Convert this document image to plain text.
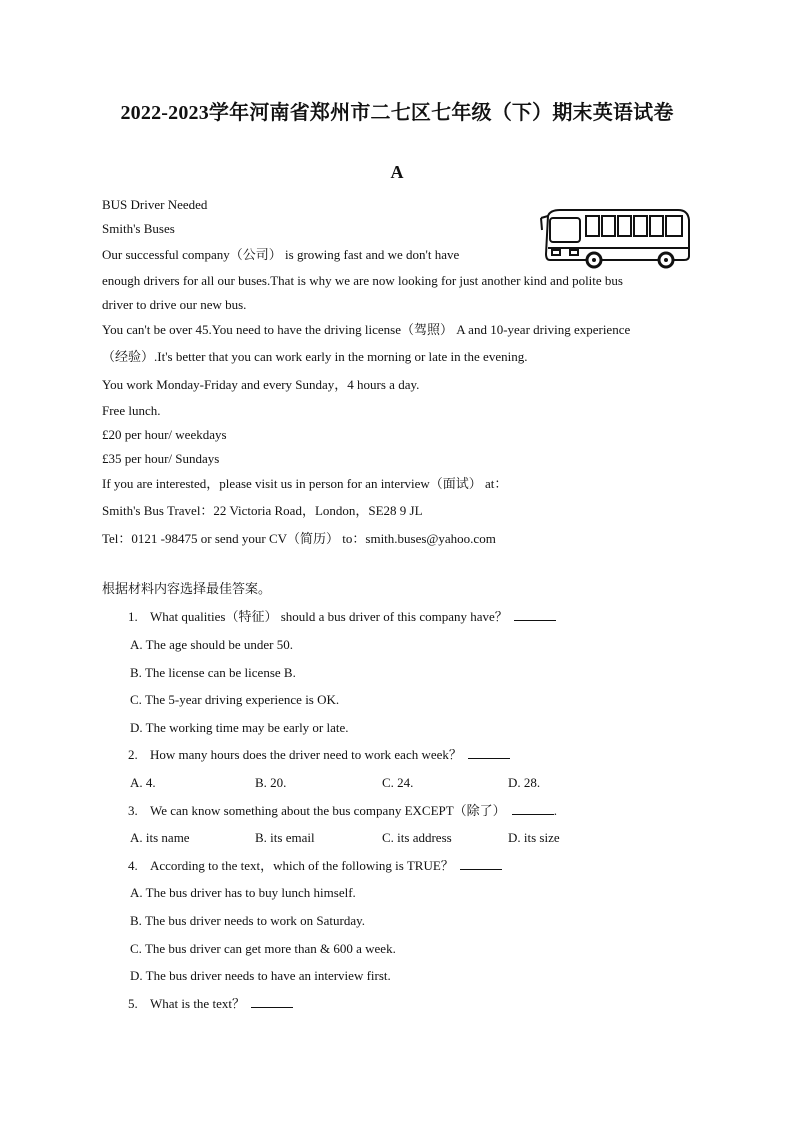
2022-2023学年河南省郑州市二七区七年级（下）期末英语试卷
A
BUS Driver Needed
Smith's Buses
Our successful company（公司） is growing fast and we don't have
enough drivers for all our buses.That is why we are now looking for just another kind and polite bus
driver to drive our new bus.
You can't be over 45.You need to have the driving license（驾照） A and 10-year driving experience
（经验）.It's better that you can work early in the morning or late in the evening.
You work Monday-Friday and every Sunday，4 hours a day.
Free lunch.
£20 per hour/ weekdays
£35 per hour/ Sundays
If you are interested，please visit us in person for an interview（面试） at：
Smith's Bus Travel：22 Victoria Road，London，SE28 9 JL
Tel：0121 -98475 or send your CV（简历） to：smith.buses@yahoo.com
根据材料内容选择最佳答案。
1. What qualities（特征） should a bus driver of this company have？
A. The age should be under 50.
B. The license can be license B.
C. The 5-year driving experience is OK.
D. The working time may be early or late.
2. How many hours does the driver need to work each week？
A. 4.	B. 20.	C. 24.	D. 28.
3. We can know something about the bus company EXCEPT（除了）	.
A. its name	B. its email	C. its address	D. its size
4. According to the text，which of the following is TRUE？
A. The bus driver has to buy lunch himself.
B. The bus driver needs to work on Saturday.
C. The bus driver can get more than & 600 a week.
D. The bus driver needs to have an interview first.
5. What is the text？
